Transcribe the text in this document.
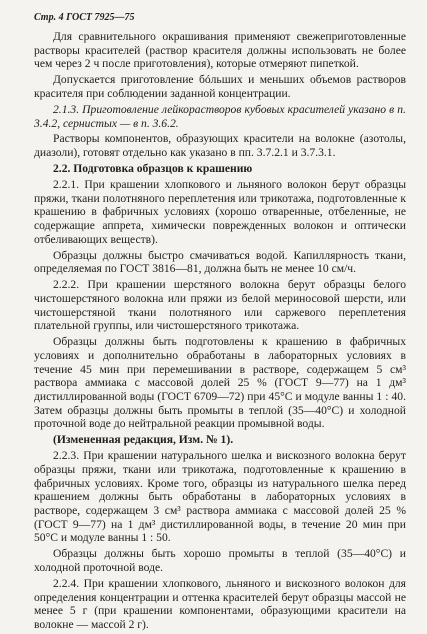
Стр. 4 ГОСТ 7925—75

Для сравнительного окрашивания применяют свежеприготовленные растворы красителей (раствор красителя должны использовать не более чем через 2 ч после приготовления), которые отмеряют пипеткой.

Допускается приготовление бóльших и меньших объемов растворов красителя при соблюдении заданной концентрации.

2.1.3. Приготовление лейкорастворов кубовых красителей указано в п. 3.4.2, сернистых — в п. 3.6.2.

Растворы компонентов, образующих красители на волокне (азотолы, диазоли), готовят отдельно как указано в пп. 3.7.2.1 и 3.7.3.1.

2.2. Подготовка образцов к крашению

2.2.1. При крашении хлопкового и льняного волокон берут образцы пряжи, ткани полотняного переплетения или трикотажа, подготовленные к крашению в фабричных условиях (хорошо отваренные, отбеленные, не содержащие аппрета, химически поврежденных волокон и оптически отбеливающих веществ).

Образцы должны быстро смачиваться водой. Капиллярность ткани, определяемая по ГОСТ 3816—81, должна быть не менее 10 см/ч.

2.2.2. При крашении шерстяного волокна берут образцы белого чистошерстяного волокна или пряжи из белой мериносовой шерсти, или чистошерстяной ткани полотняного или саржевого переплетения плательной группы, или чистошерстяного трикотажа.

Образцы должны быть подготовлены к крашению в фабричных условиях и дополнительно обработаны в лабораторных условиях в течение 45 мин при перемешивании в растворе, содержащем 5 см³ раствора аммиака с массовой долей 25 % (ГОСТ 9—77) на 1 дм³ дистиллированной воды (ГОСТ 6709—72) при 45°С и модуле ванны 1 : 40. Затем образцы должны быть промыты в теплой (35—40°С) и холодной проточной воде до нейтральной реакции промывной воды.

(Измененная редакция, Изм. № 1).

2.2.3. При крашении натурального шелка и вискозного волокна берут образцы пряжи, ткани или трикотажа, подготовленные к крашению в фабричных условиях. Кроме того, образцы из натурального шелка перед крашением должны быть обработаны в лабораторных условиях в растворе, содержащем 3 см³ раствора аммиака с массовой долей 25 % (ГОСТ 9—77) на 1 дм³ дистиллированной воды, в течение 20 мин при 50°С и модуле ванны 1 : 50.

Образцы должны быть хорошо промыты в теплой (35—40°С) и холодной проточной воде.

2.2.4. При крашении хлопкового, льняного и вискозного волокон для определения концентрации и оттенка красителей берут образцы массой не менее 5 г (при крашении компонентами, образующими красители на волокне — массой 2 г).
